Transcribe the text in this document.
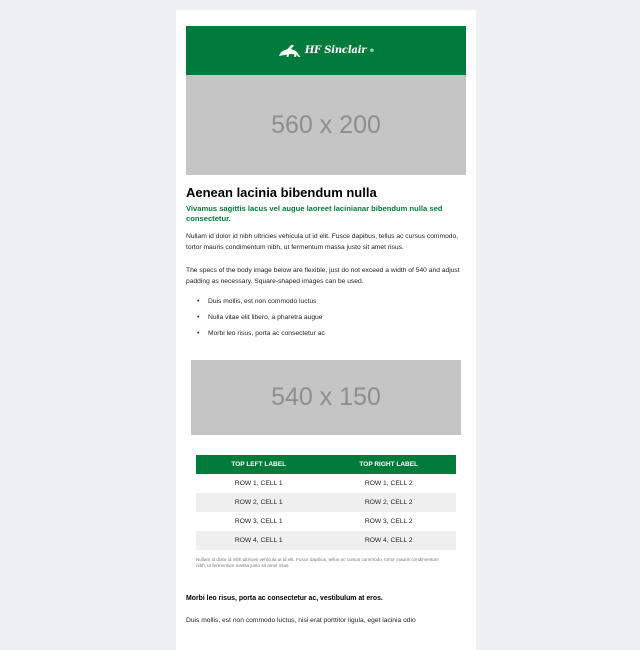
HF Sinclair ®
560 x 200
Aenean lacinia bibendum nulla
Vivamus sagittis lacus vel augue laoreet lacinianar bibendum nulla sed consectetur.
Nullam id dolor id nibh ultricies vehicula ut id elit. Fusce dapibus, tellus ac cursus commodo, tortor mauris condimentum nibh, ut fermentum massa justo sit amet risus.
The specs of the body image below are flexible, just do not exceed a width of 540 and adjust padding as necessary. Square-shaped images can be used.
• Duis mollis, est non commodo luctus
• Nulla vitae elit libero, a pharetra augue
• Morbi leo risus, porta ac consectetur ac
540 x 150
TOP LEFT LABEL	TOP RIGHT LABEL
ROW 1, CELL 1	ROW 1, CELL 2
ROW 2, CELL 1	ROW 2, CELL 2
ROW 3, CELL 1	ROW 3, CELL 2
ROW 4, CELL 1	ROW 4, CELL 2
Nullam id dolor id nibh ultricies vehicula ut id elit. Fusce dapibus, tellus ac cursus commodo, tortor mauris condimentum nibh, ut fermentum massa justo sit amet risus.
Morbi leo risus, porta ac consectetur ac, vestibulum at eros.
Duis mollis, est non commodo luctus, nisi erat porttitor ligula, eget lacinia odio
